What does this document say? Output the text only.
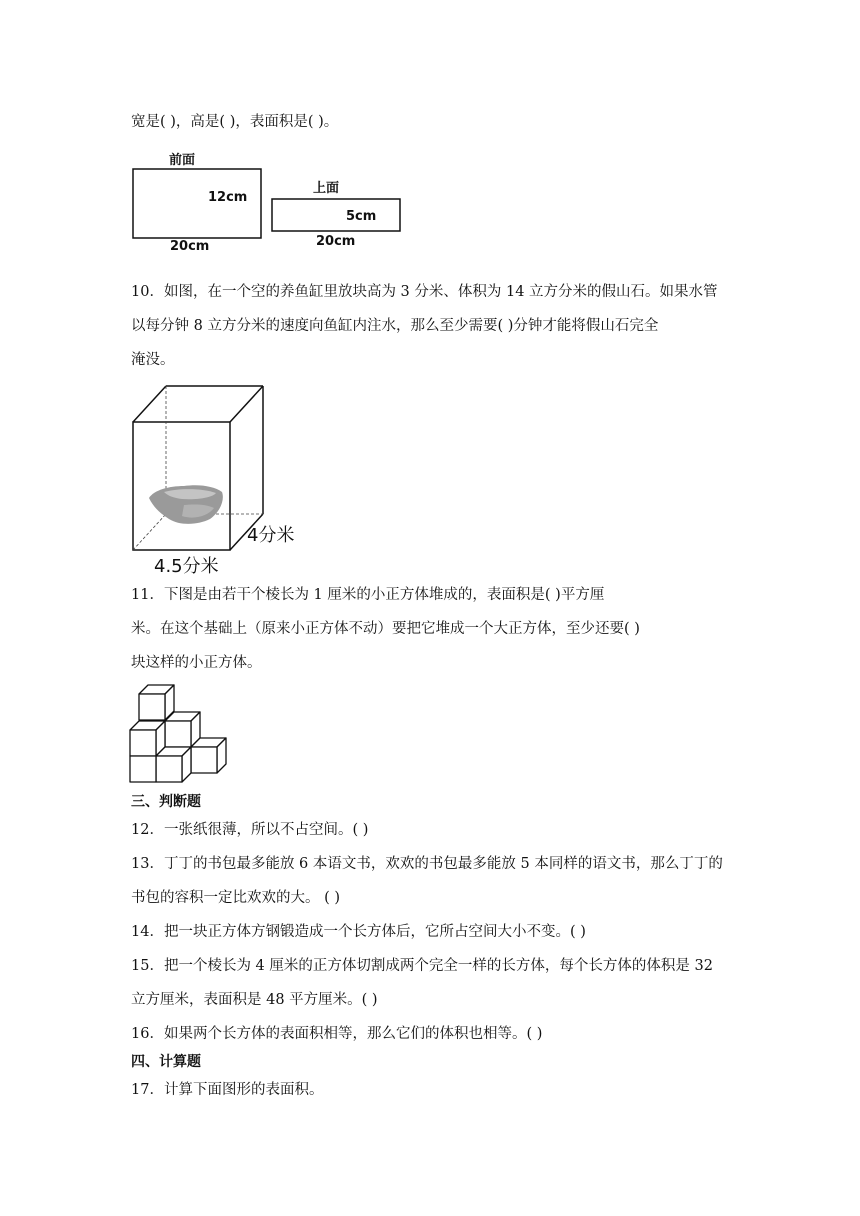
宽是( )，高是( )，表面积是( )。
前面
12cm
20cm
上面
5cm
20cm
10．如图，在一个空的养鱼缸里放块高为 3 分米、体积为 14 立方分米的假山石。如果水管
以每分钟 8 立方分米的速度向鱼缸内注水，那么至少需要( )分钟才能将假山石完全
淹没。
4分米
4.5分米
11．下图是由若干个棱长为 1 厘米的小正方体堆成的，表面积是( )平方厘
米。在这个基础上（原来小正方体不动）要把它堆成一个大正方体，至少还要( )
块这样的小正方体。
三、判断题
12．一张纸很薄，所以不占空间。( )
13．丁丁的书包最多能放 6 本语文书，欢欢的书包最多能放 5 本同样的语文书，那么丁丁的
书包的容积一定比欢欢的大。 ( )
14．把一块正方体方钢锻造成一个长方体后，它所占空间大小不变。( )
15．把一个棱长为 4 厘米的正方体切割成两个完全一样的长方体，每个长方体的体积是 32
立方厘米，表面积是 48 平方厘米。( )
16．如果两个长方体的表面积相等，那么它们的体积也相等。( )
四、计算题
17．计算下面图形的表面积。
